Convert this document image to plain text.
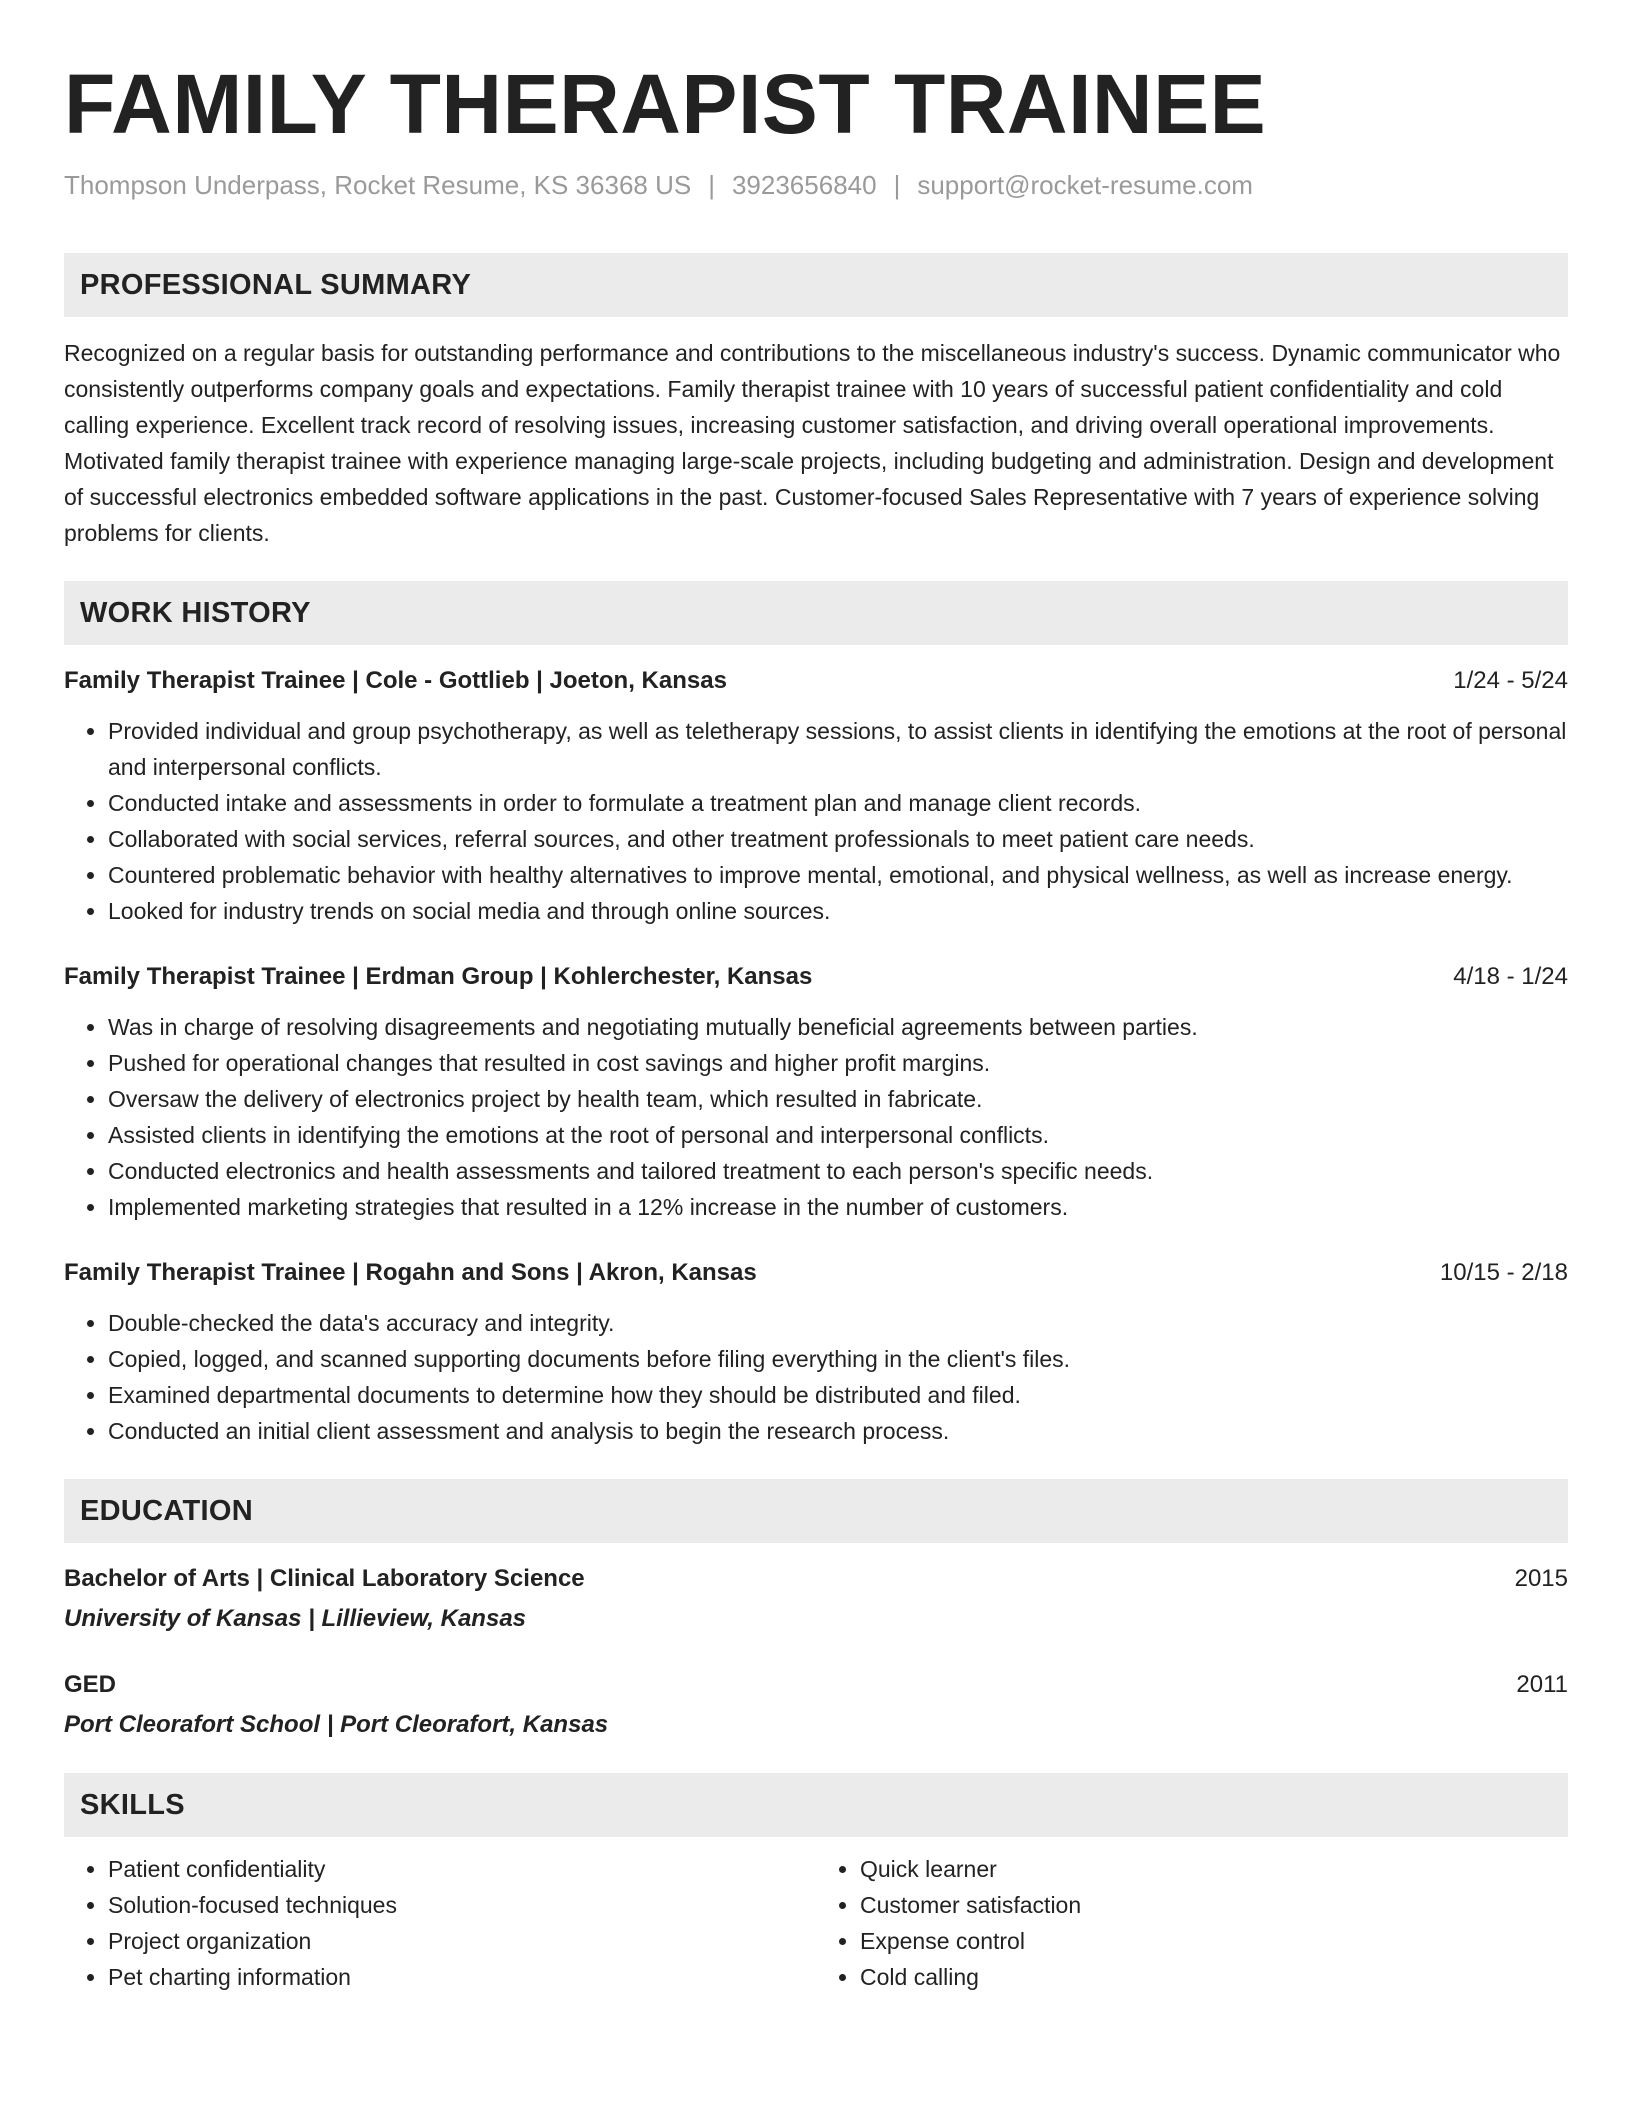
FAMILY THERAPIST TRAINEE
Thompson Underpass, Rocket Resume, KS 36368 US | 3923656840 | support@rocket-resume.com
PROFESSIONAL SUMMARY
Recognized on a regular basis for outstanding performance and contributions to the miscellaneous industry's success. Dynamic communicator who consistently outperforms company goals and expectations. Family therapist trainee with 10 years of successful patient confidentiality and cold calling experience. Excellent track record of resolving issues, increasing customer satisfaction, and driving overall operational improvements. Motivated family therapist trainee with experience managing large-scale projects, including budgeting and administration. Design and development of successful electronics embedded software applications in the past. Customer-focused Sales Representative with 7 years of experience solving problems for clients.
WORK HISTORY
Family Therapist Trainee | Cole - Gottlieb | Joeton, Kansas	1/24 - 5/24
• Provided individual and group psychotherapy, as well as teletherapy sessions, to assist clients in identifying the emotions at the root of personal and interpersonal conflicts.
• Conducted intake and assessments in order to formulate a treatment plan and manage client records.
• Collaborated with social services, referral sources, and other treatment professionals to meet patient care needs.
• Countered problematic behavior with healthy alternatives to improve mental, emotional, and physical wellness, as well as increase energy.
• Looked for industry trends on social media and through online sources.
Family Therapist Trainee | Erdman Group | Kohlerchester, Kansas	4/18 - 1/24
• Was in charge of resolving disagreements and negotiating mutually beneficial agreements between parties.
• Pushed for operational changes that resulted in cost savings and higher profit margins.
• Oversaw the delivery of electronics project by health team, which resulted in fabricate.
• Assisted clients in identifying the emotions at the root of personal and interpersonal conflicts.
• Conducted electronics and health assessments and tailored treatment to each person's specific needs.
• Implemented marketing strategies that resulted in a 12% increase in the number of customers.
Family Therapist Trainee | Rogahn and Sons | Akron, Kansas	10/15 - 2/18
• Double-checked the data's accuracy and integrity.
• Copied, logged, and scanned supporting documents before filing everything in the client's files.
• Examined departmental documents to determine how they should be distributed and filed.
• Conducted an initial client assessment and analysis to begin the research process.
EDUCATION
Bachelor of Arts | Clinical Laboratory Science	2015
University of Kansas | Lillieview, Kansas
GED	2011
Port Cleorafort School | Port Cleorafort, Kansas
SKILLS
• Patient confidentiality
• Solution-focused techniques
• Project organization
• Pet charting information
• Quick learner
• Customer satisfaction
• Expense control
• Cold calling
